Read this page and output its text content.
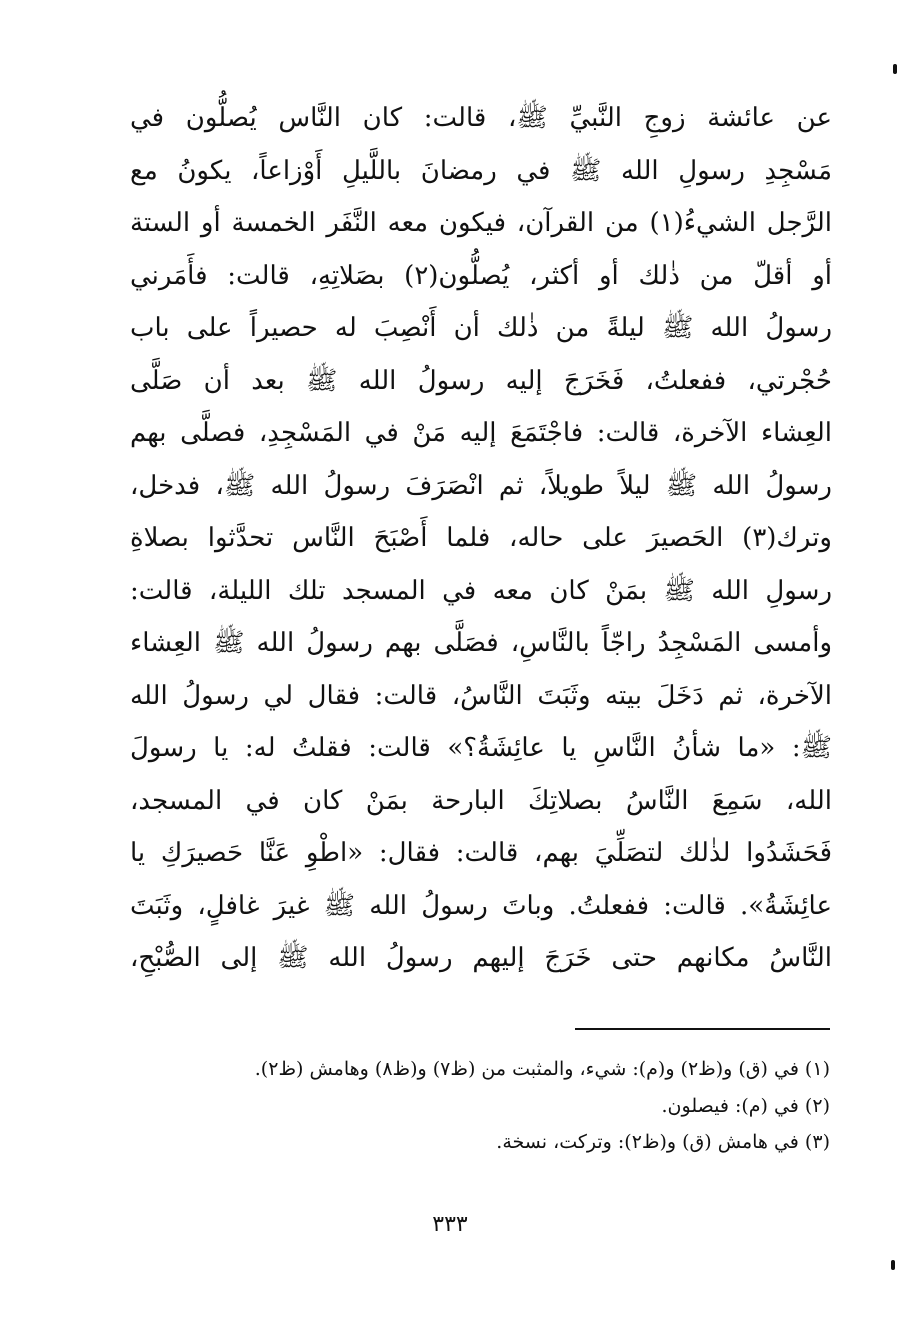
عن عائشة زوجِ النَّبيِّ ﷺ، قالت: كان النَّاس يُصلُّون في
مَسْجِدِ رسولِ الله ﷺ في رمضانَ باللَّيلِ أَوْزاعاً، يكونُ مع
الرَّجل الشيءُ(١) من القرآن، فيكون معه النَّفَر الخمسة أو الستة
أو أقلّ من ذٰلك أو أكثر، يُصلُّون(٢) بصَلاتِهِ، قالت: فأَمَرني
رسولُ الله ﷺ ليلةً من ذٰلك أن أَنْصِبَ له حصيراً على باب
حُجْرتي، ففعلتُ، فَخَرَجَ إليه رسولُ الله ﷺ بعد أن صَلَّى
العِشاء الآخرة، قالت: فاجْتَمَعَ إليه مَنْ في المَسْجِدِ، فصلَّى بهم
رسولُ الله ﷺ ليلاً طويلاً، ثم انْصَرَفَ رسولُ الله ﷺ، فدخل،
وترك(٣) الحَصيرَ على حاله، فلما أَصْبَحَ النَّاس تحدَّثوا بصلاةِ
رسولِ الله ﷺ بمَنْ كان معه في المسجد تلك الليلة، قالت:
وأمسى المَسْجِدُ راجّاً بالنَّاسِ، فصَلَّى بهم رسولُ الله ﷺ العِشاء
الآخرة، ثم دَخَلَ بيته وثَبَتَ النَّاسُ، قالت: فقال لي رسولُ الله
ﷺ: «ما شأنُ النَّاسِ يا عائِشَةُ؟» قالت: فقلتُ له: يا رسولَ
الله، سَمِعَ النَّاسُ بصلاتِكَ البارحة بمَنْ كان في المسجد،
فَحَشَدُوا لذٰلك لتصَلِّيَ بهم، قالت: فقال: «اطْوِ عَنَّا حَصيرَكِ يا
عائِشَةُ». قالت: ففعلتُ. وباتَ رسولُ الله ﷺ غيرَ غافلٍ، وثَبَتَ
النَّاسُ مكانهم حتى خَرَجَ إليهم رسولُ الله ﷺ إلى الصُّبْحِ،
(١) في (ق) و(ظ٢) و(م): شيء، والمثبت من (ظ٧) و(ظ٨) وهامش (ظ٢).
(٢) في (م): فيصلون.
(٣) في هامش (ق) و(ظ٢): وتركت، نسخة.
٣٣٣
